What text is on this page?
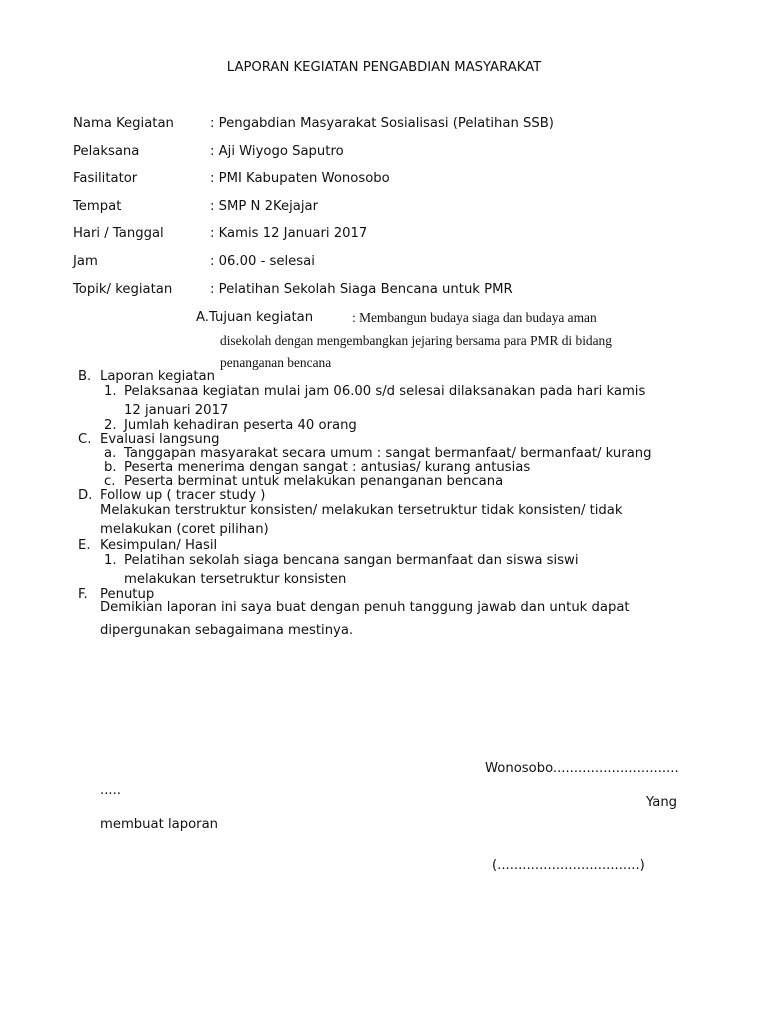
LAPORAN KEGIATAN PENGABDIAN MASYARAKAT
Nama Kegiatan	: Pengabdian Masyarakat Sosialisasi (Pelatihan SSB)
Pelaksana	: Aji Wiyogo Saputro
Fasilitator	: PMI Kabupaten Wonosobo
Tempat	: SMP N 2Kejajar
Hari / Tanggal	: Kamis 12 Januari 2017
Jam	: 06.00 - selesai
Topik/ kegiatan	: Pelatihan Sekolah Siaga Bencana untuk PMR
A.Tujuan kegiatan	: Membangun budaya siaga dan budaya aman
disekolah dengan mengembangkan jejaring bersama para PMR di bidang
penanganan bencana
B. Laporan kegiatan
1. Pelaksanaa kegiatan mulai jam 06.00 s/d selesai dilaksanakan pada hari kamis
12 januari 2017
2. Jumlah kehadiran peserta 40 orang
C. Evaluasi langsung
a. Tanggapan masyarakat secara umum : sangat bermanfaat/ bermanfaat/ kurang
b. Peserta menerima dengan sangat : antusias/ kurang antusias
c. Peserta berminat untuk melakukan penanganan bencana
D. Follow up ( tracer study )
Melakukan terstruktur konsisten/ melakukan tersetruktur tidak konsisten/ tidak
melakukan (coret pilihan)
E. Kesimpulan/ Hasil
1. Pelatihan sekolah siaga bencana sangan bermanfaat dan siswa siswi
melakukan tersetruktur konsisten
F. Penutup
Demikian laporan ini saya buat dengan penuh tanggung jawab dan untuk dapat
dipergunakan sebagaimana mestinya.
Wonosobo..............................
.....
Yang
membuat laporan
(..................................)
